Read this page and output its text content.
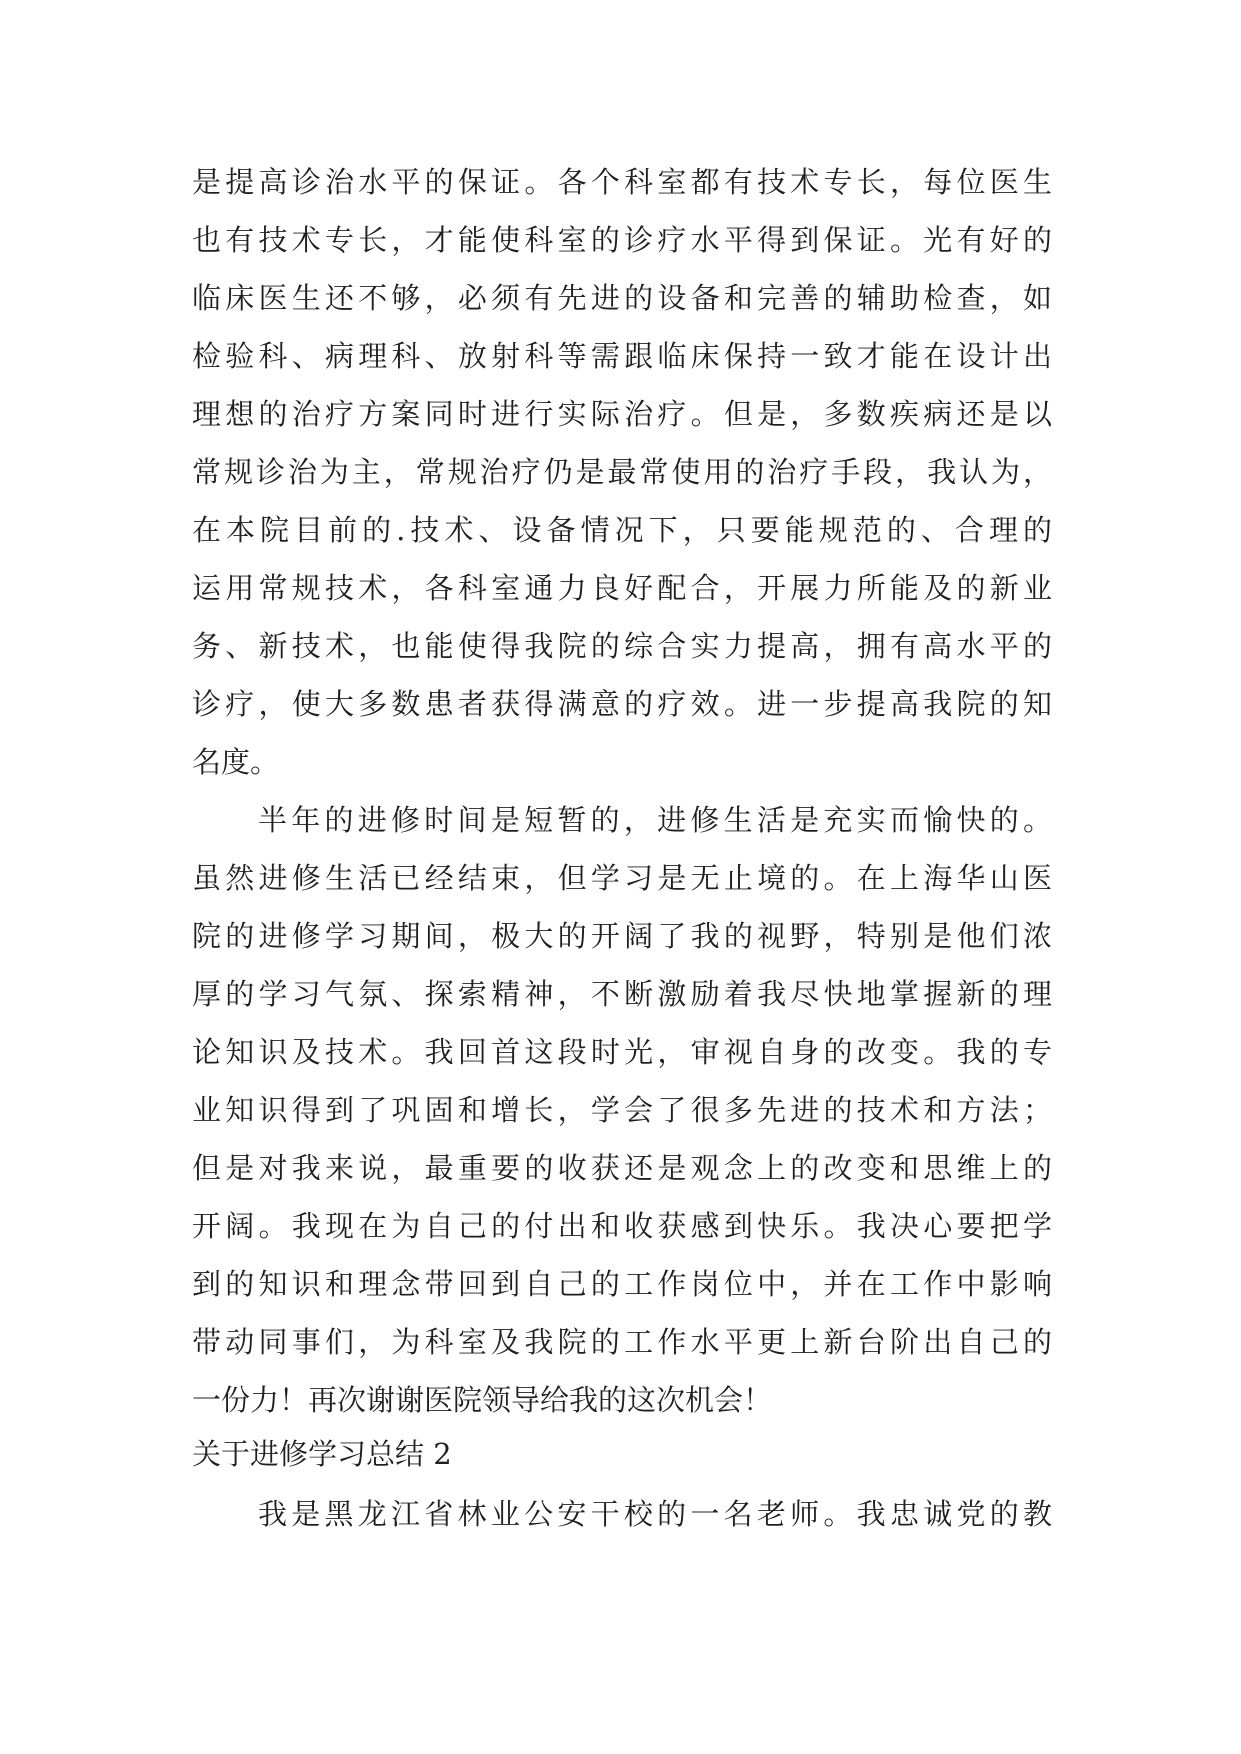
是提高诊治水平的保证。各个科室都有技术专长，每位医生
也有技术专长，才能使科室的诊疗水平得到保证。光有好的
临床医生还不够，必须有先进的设备和完善的辅助检查，如
检验科、病理科、放射科等需跟临床保持一致才能在设计出
理想的治疗方案同时进行实际治疗。但是，多数疾病还是以
常规诊治为主，常规治疗仍是最常使用的治疗手段，我认为，
在本院目前的.技术、设备情况下，只要能规范的、合理的
运用常规技术，各科室通力良好配合，开展力所能及的新业
务、新技术，也能使得我院的综合实力提高，拥有高水平的
诊疗，使大多数患者获得满意的疗效。进一步提高我院的知
名度。
半年的进修时间是短暂的，进修生活是充实而愉快的。
虽然进修生活已经结束，但学习是无止境的。在上海华山医
院的进修学习期间，极大的开阔了我的视野，特别是他们浓
厚的学习气氛、探索精神，不断激励着我尽快地掌握新的理
论知识及技术。我回首这段时光，审视自身的改变。我的专
业知识得到了巩固和增长，学会了很多先进的技术和方法；
但是对我来说，最重要的收获还是观念上的改变和思维上的
开阔。我现在为自己的付出和收获感到快乐。我决心要把学
到的知识和理念带回到自己的工作岗位中，并在工作中影响
带动同事们，为科室及我院的工作水平更上新台阶出自己的
一份力！再次谢谢医院领导给我的这次机会！
关于进修学习总结 2
我是黑龙江省林业公安干校的一名老师。我忠诚党的教
